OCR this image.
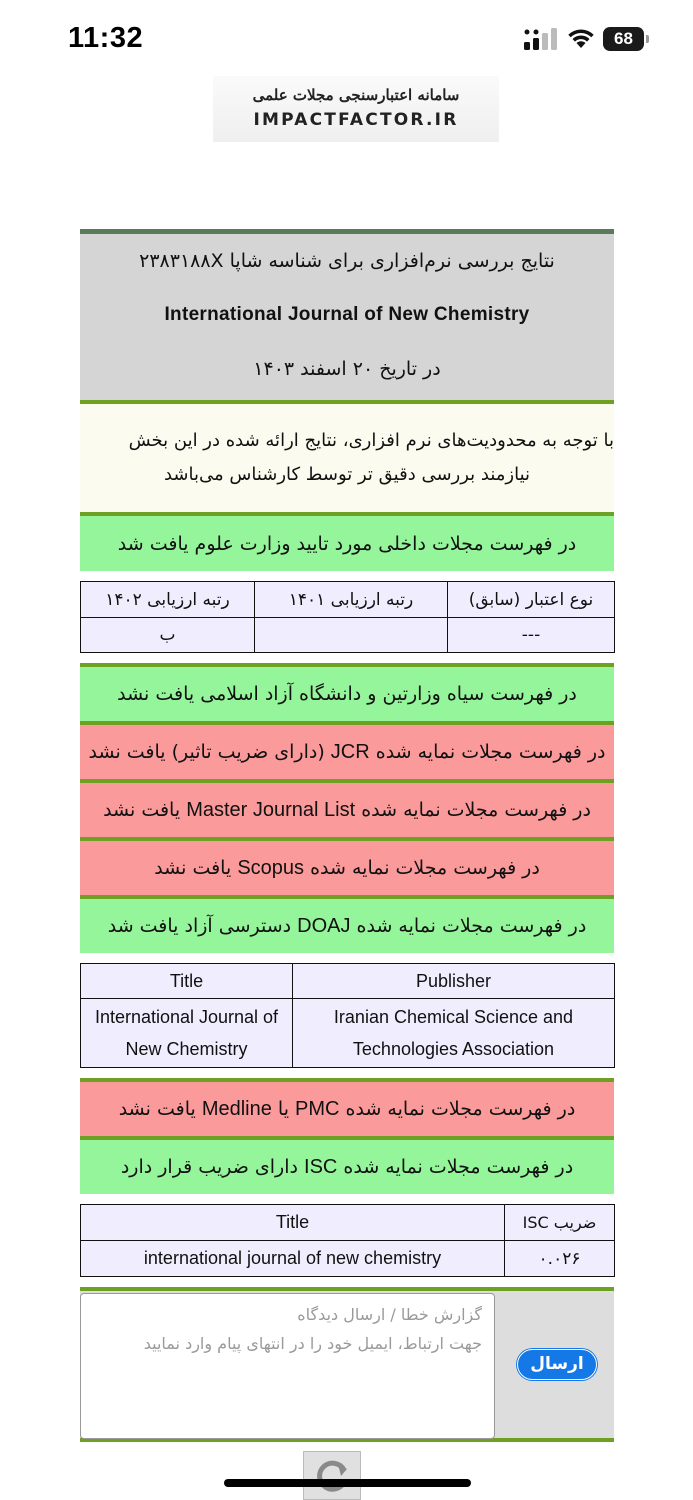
11:32	68
سامانه اعتبارسنجی مجلات علمی
IMPACTFACTOR.IR
نتایج بررسی نرم‌افزاری برای شناسه شاپا ۲۳۸۳۱۸۸X
International Journal of New Chemistry
در تاریخ ۲۰ اسفند ۱۴۰۳
با توجه به محدودیت‌های نرم افزاری، نتایج ارائه شده در این بخش
نیازمند بررسی دقیق تر توسط کارشناس می‌باشد
در فهرست مجلات داخلی مورد تایید وزارت علوم یافت شد
رتبه ارزیابی ۱۴۰۲	رتبه ارزیابی ۱۴۰۱	نوع اعتبار (سابق)
ب		---
در فهرست سیاه وزارتین و دانشگاه آزاد اسلامی یافت نشد
در فهرست مجلات نمایه شده

JCR

(دارای ضریب تاثیر) یافت نشد
در فهرست مجلات نمایه شده

Master Journal List

یافت نشد
در فهرست مجلات نمایه شده

Scopus

یافت نشد
در فهرست مجلات نمایه شده

DOAJ

دسترسی آزاد یافت شد
Title	Publisher
International Journal of New Chemistry	Iranian Chemical Science and Technologies Association
در فهرست مجلات نمایه شده

PMC

یا

Medline

یافت نشد
در فهرست مجلات نمایه شده

ISC

دارای ضریب قرار دارد
Title	ضریب ISC
international journal of new chemistry	۰.۰۲۶
گزارش خطا / ارسال دیدگاه
جهت ارتباط، ایمیل خود را در انتهای پیام وارد نمایید
ارسال
